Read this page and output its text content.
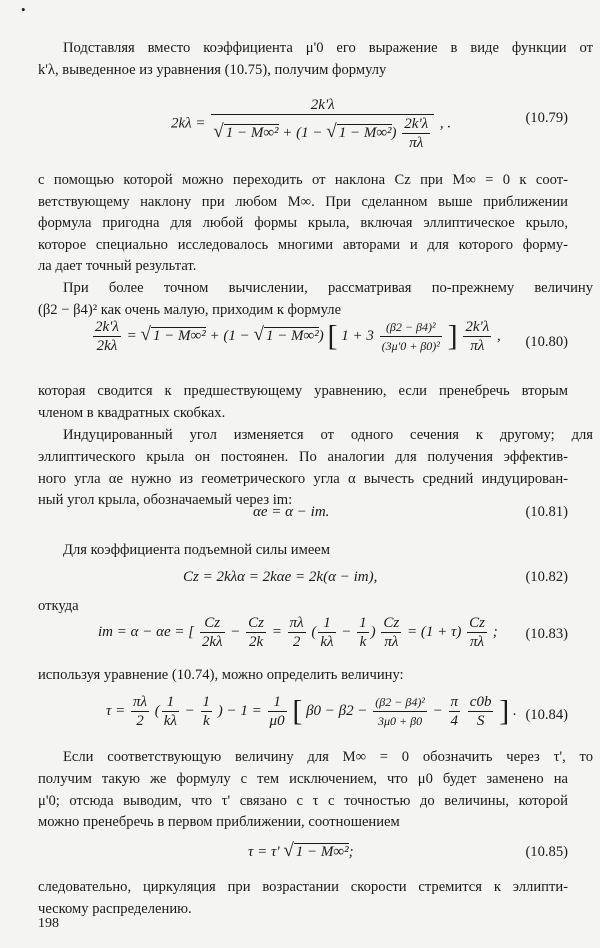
•
Подставляя вместо коэффициента μ'0 его выражение в виде функции от
k'λ, выведенное из уравнения (10.75), получим формулу
2kλ =
2k'λ
√ 1 − M∞² + (1 − √ $1 - M\infty^2) \frac{2k'\lambda}{\pi\lambda}$ , .	(10.79)
с помощью которой можно переходить от наклона Cz при M∞ = 0 к соот-
ветствующему наклону при любом M∞. При сделанном выше приближении
формула пригодна для любой формы крыла, включая эллиптическое крыло,
которое специально исследовалось многими авторами и для которого форму-
ла дает точный результат.
При более точном вычислении, рассматривая по-прежнему величину
(β2 − β4)² как очень малую, приходим к формуле
$\frac{2k'\lambda}{2k\lambda}$ = √ 1 − M∞² + (1 − √ 1 − M∞²) [ $1 + 3 \frac{\text{(β2 − β4)²}}{\text{(3μ'0 + β0)²}}$ ] $\frac{2k'\lambda}{\pi\lambda}$ , (10.80)
которая сводится к предшествующему уравнению, если пренебречь вторым
членом в квадратных скобках.
Индуцированный угол изменяется от одного сечения к другому; для
эллиптического крыла он постоянен. По аналогии для получения эффектив-
ного угла αe нужно из геометрического угла α вычесть средний индуцирован-
ный угол крыла, обозначаемый через im:
αe = α − im.	(10.81)
Для коэффициента подъемной силы имеем
Cz = 2kλα = 2kαe = 2k(α − im),	(10.82)
откуда
im = α − αe = [ $\frac{Cz}{2k\lambda} - \frac{Cz}{2k} = \frac{\pi\lambda}{2}$ ( $\frac{1}{k\lambda} - \frac{1}{k}$ ) $\frac{Cz}{\pi\lambda} = (1 + \tau) \frac{Cz}{\pi\lambda}$ ; (10.83)
используя уравнение (10.74), можно определить величину:
$\tau = \frac{\pi\lambda}{2}$ ( $\frac{1}{k\lambda} - \frac{1}{k}$ ) − $1 = \frac{1}{\mu 0}$ [ $\beta 0 - \beta 2 - \frac{\text{(β2 − β4)²}}{3\mu 0 + \beta 0} - \frac{\pi}{4}$
$\frac{c0b}{S}$ ] . (10.84)
Если соответствующую величину для M∞ = 0 обозначить через τ', то
получим такую же формулу с тем исключением, что μ0 будет заменено на
μ'0; отсюда выводим, что τ' связано с τ с точностью до величины, которой
можно пренебречь в первом приближении, соотношением
τ = τ' √ 1 − M∞²;	(10.85)
следовательно, циркуляция при возрастании скорости стремится к эллипти-
ческому распределению.
198
